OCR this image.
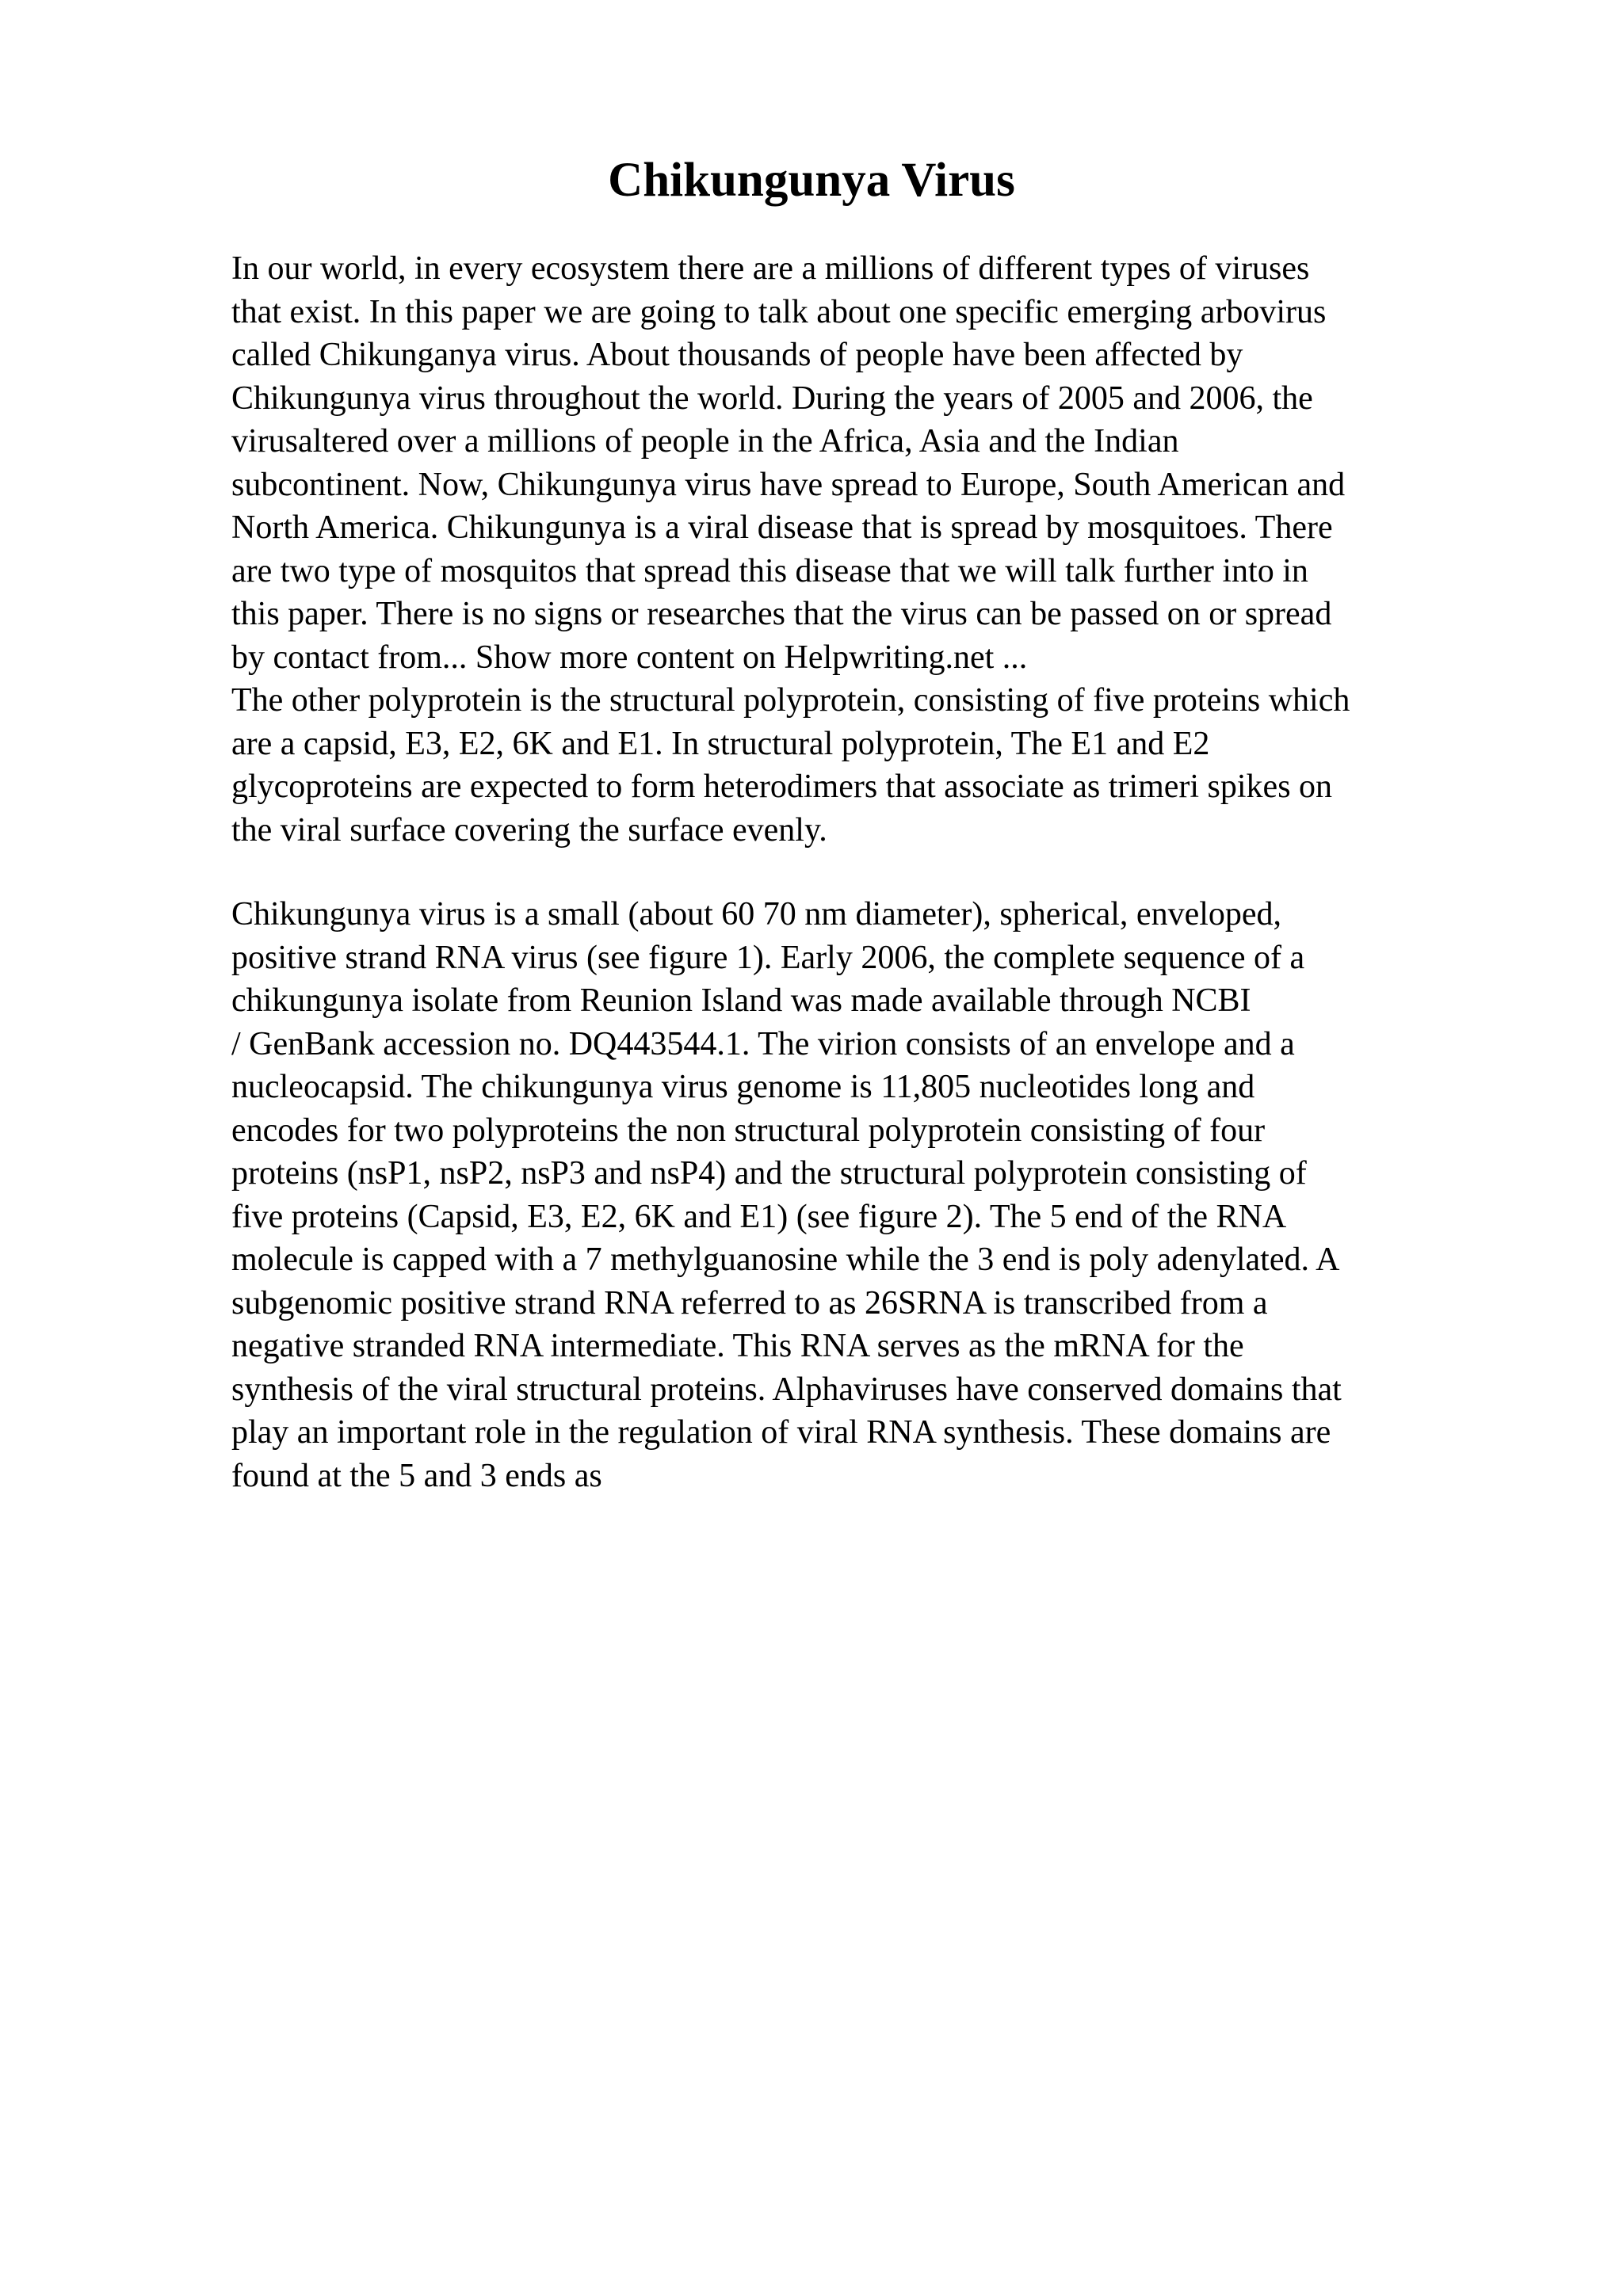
Chikungunya Virus
In our world, in every ecosystem there are a millions of different types of viruses
that exist. In this paper we are going to talk about one specific emerging arbovirus
called Chikunganya virus. About thousands of people have been affected by
Chikungunya virus throughout the world. During the years of 2005 and 2006, the
virusaltered over a millions of people in the Africa, Asia and the Indian
subcontinent. Now, Chikungunya virus have spread to Europe, South American and
North America. Chikungunya is a viral disease that is spread by mosquitoes. There
are two type of mosquitos that spread this disease that we will talk further into in
this paper. There is no signs or researches that the virus can be passed on or spread
by contact from... Show more content on Helpwriting.net ...
The other polyprotein is the structural polyprotein, consisting of five proteins which
are a capsid, E3, E2, 6K and E1. In structural polyprotein, The E1 and E2
glycoproteins are expected to form heterodimers that associate as trimeri spikes on
the viral surface covering the surface evenly.
Chikungunya virus is a small (about 60 70 nm diameter), spherical, enveloped,
positive strand RNA virus (see figure 1). Early 2006, the complete sequence of a
chikungunya isolate from Reunion Island was made available through NCBI
/ GenBank accession no. DQ443544.1. The virion consists of an envelope and a
nucleocapsid. The chikungunya virus genome is 11,805 nucleotides long and
encodes for two polyproteins the non structural polyprotein consisting of four
proteins (nsP1, nsP2, nsP3 and nsP4) and the structural polyprotein consisting of
five proteins (Capsid, E3, E2, 6K and E1) (see figure 2). The 5 end of the RNA
molecule is capped with a 7 methylguanosine while the 3 end is poly adenylated. A
subgenomic positive strand RNA referred to as 26SRNA is transcribed from a
negative stranded RNA intermediate. This RNA serves as the mRNA for the
synthesis of the viral structural proteins. Alphaviruses have conserved domains that
play an important role in the regulation of viral RNA synthesis. These domains are
found at the 5 and 3 ends as
